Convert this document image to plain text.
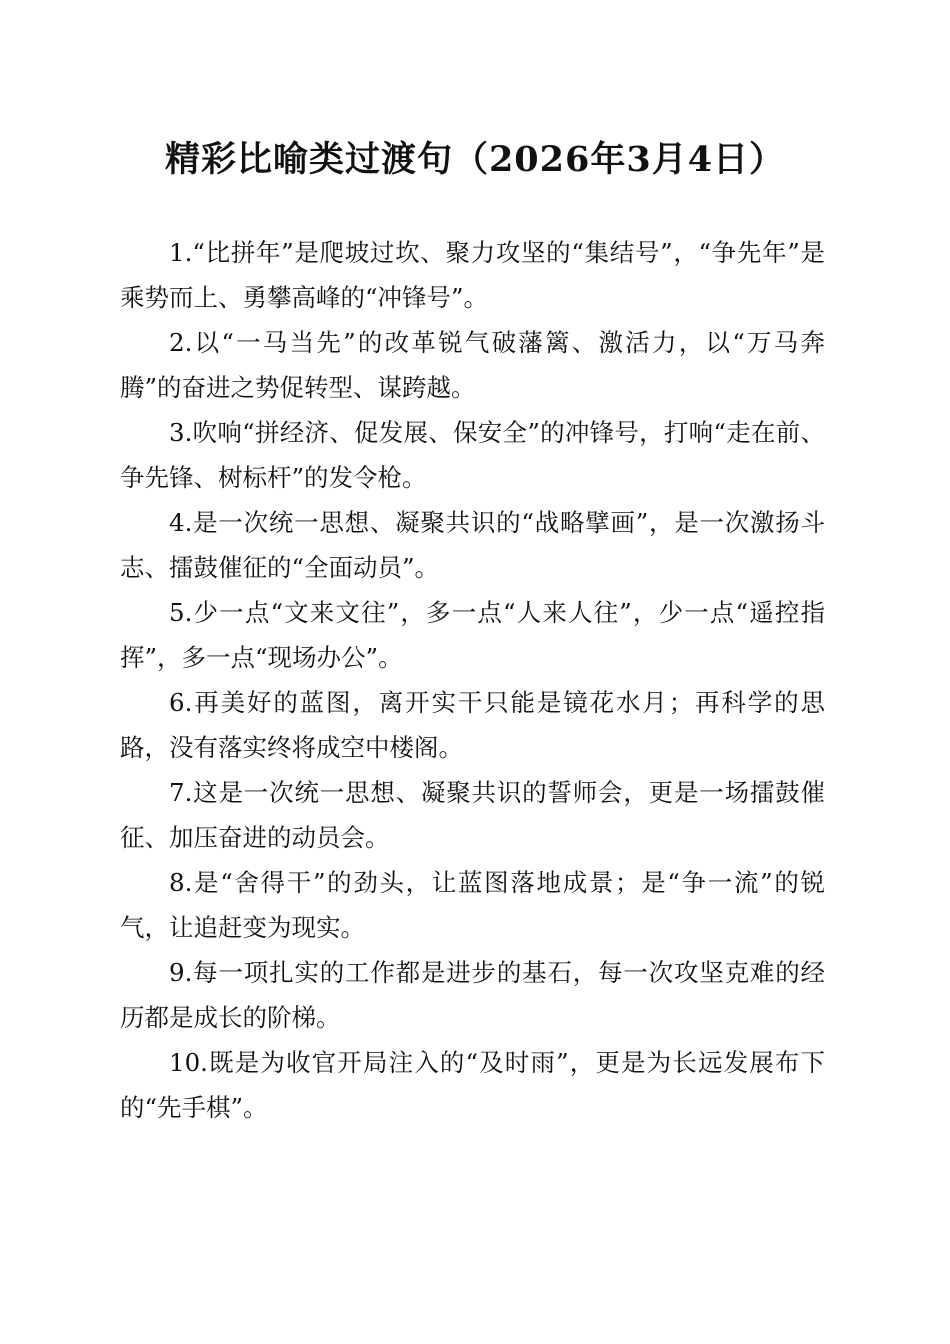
精彩比喻类过渡句（2026年3月4日）

1.“比拼年”是爬坡过坎、聚力攻坚的“集结号”，“争先年”是乘势而上、勇攀高峰的“冲锋号”。

2.以“一马当先”的改革锐气破藩篱、激活力，以“万马奔腾”的奋进之势促转型、谋跨越。

3.吹响“拼经济、促发展、保安全”的冲锋号，打响“走在前、争先锋、树标杆”的发令枪。

4.是一次统一思想、凝聚共识的“战略擘画”，是一次激扬斗志、擂鼓催征的“全面动员”。

5.少一点“文来文往”，多一点“人来人往”，少一点“遥控指挥”，多一点“现场办公”。

6.再美好的蓝图，离开实干只能是镜花水月；再科学的思路，没有落实终将成空中楼阁。

7.这是一次统一思想、凝聚共识的誓师会，更是一场擂鼓催征、加压奋进的动员会。

8.是“舍得干”的劲头，让蓝图落地成景；是“争一流”的锐气，让追赶变为现实。

9.每一项扎实的工作都是进步的基石，每一次攻坚克难的经历都是成长的阶梯。

10.既是为收官开局注入的“及时雨”，更是为长远发展布下的“先手棋”。
